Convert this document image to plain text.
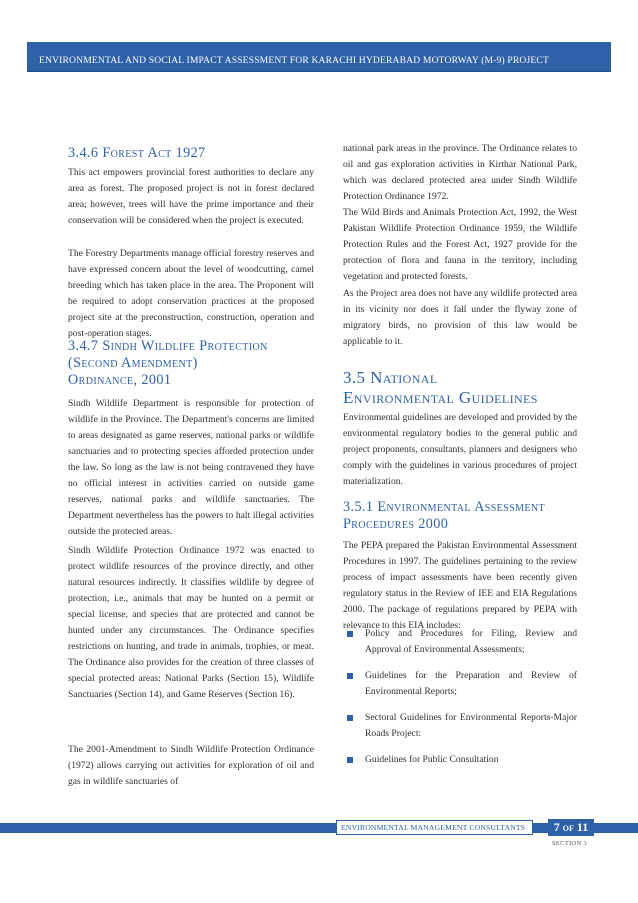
ENVIRONMENTAL AND SOCIAL IMPACT ASSESSMENT FOR KARACHI HYDERABAD MOTORWAY (M-9) PROJECT
3.4.6 Forest Act 1927

This act empowers provincial forest authorities to declare any area as forest. The proposed project is not in forest declared area; however, trees will have the prime importance and their conservation will be considered when the project is executed.

The Forestry Departments manage official forestry reserves and have expressed concern about the level of woodcutting, camel breeding which has taken place in the area. The Proponent will be required to adopt conservation practices at the proposed project site at the preconstruction, construction, operation and post-operation stages.

3.4.7 Sindh Wildlife Protection
(Second Amendment)
Ordinance, 2001

Sindh Wildlife Department is responsible for protection of wildlife in the Province. The Department's concerns are limited to areas designated as game reserves, national parks or wildlife sanctuaries and to protecting species afforded protection under the law. So long as the law is not being contravened they have no official interest in activities carried on outside game reserves, national parks and wildlife sanctuaries. The Department nevertheless has the powers to halt illegal activities outside the protected areas.

Sindh Wildlife Protection Ordinance 1972 was enacted to protect wildlife resources of the province directly, and other natural resources indirectly. It classifies wildlife by degree of protection, i.e., animals that may be hunted on a permit or special license, and species that are protected and cannot be hunted under any circumstances. The Ordinance specifies restrictions on hunting, and trade in animals, trophies, or meat. The Ordinance also provides for the creation of three classes of special protected areas: National Parks (Section 15), Wildlife Sanctuaries (Section 14), and Game Reserves (Section 16).

The 2001-Amendment to Sindh Wildlife Protection Ordinance (1972) allows carrying out activities for exploration of oil and gas in wildlife sanctuaries of

national park areas in the province. The Ordinance relates to oil and gas exploration activities in Kirthar National Park, which was declared protected area under Sindh Wildlife Protection Ordinance 1972.

The Wild Birds and Animals Protection Act, 1992, the West Pakistan Wildlife Protection Ordinance 1959, the Wildlife Protection Rules and the Forest Act, 1927 provide for the protection of flora and fauna in the territory, including vegetation and protected forests.

As the Project area does not have any wildlife protected area in its vicinity nor does it fall under the flyway zone of migratory birds, no provision of this law would be applicable to it.

3.5 National
Environmental Guidelines

Environmental guidelines are developed and provided by the environmental regulatory bodies to the general public and project proponents, consultants, planners and designers who comply with the guidelines in various procedures of project materialization.

3.5.1 Environmental Assessment
Procedures 2000

The PEPA prepared the Pakistan Environmental Assessment Procedures in 1997. The guidelines pertaining to the review process of impact assessments have been recently given regulatory status in the Review of IEE and EIA Regulations 2000. The package of regulations prepared by PEPA with relevance to this EIA includes:

Policy and Procedures for Filing, Review and Approval of Environmental Assessments;
Guidelines for the Preparation and Review of Environmental Reports;
Sectoral Guidelines for Environmental Reports-Major Roads Project:
Guidelines for Public Consultation
ENVIRONMENTAL MANAGEMENT CONSULTANTS	7 of 11
SECTION 3
